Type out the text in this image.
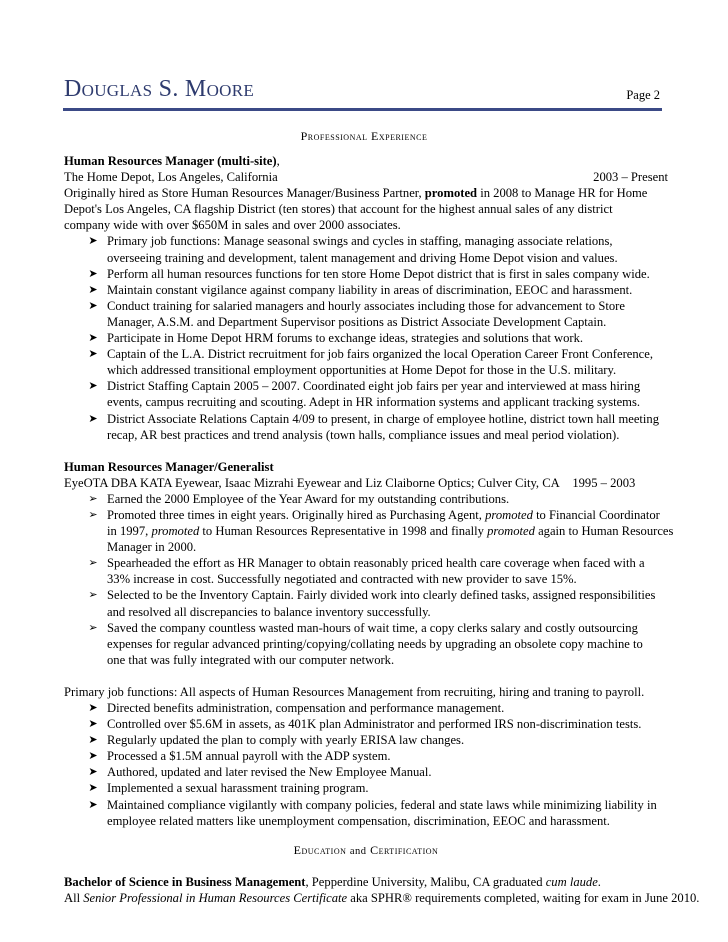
Douglas S. Moore	Page 2
Professional Experience
Human Resources Manager (multi-site),
The Home Depot, Los Angeles, California	2003 – Present
Originally hired as Store Human Resources Manager/Business Partner, promoted in 2008 to Manage HR for Home
Depot's Los Angeles, CA flagship District (ten stores) that account for the highest annual sales of any district
company wide with over $650M in sales and over 2000 associates.
➤ Primary job functions: Manage seasonal swings and cycles in staffing, managing associate relations,
overseeing training and development, talent management and driving Home Depot vision and values.
➤ Perform all human resources functions for ten store Home Depot district that is first in sales company wide.
➤ Maintain constant vigilance against company liability in areas of discrimination, EEOC and harassment.
➤ Conduct training for salaried managers and hourly associates including those for advancement to Store
Manager, A.S.M. and Department Supervisor positions as District Associate Development Captain.
➤ Participate in Home Depot HRM forums to exchange ideas, strategies and solutions that work.
➤ Captain of the L.A. District recruitment for job fairs organized the local Operation Career Front Conference,
which addressed transitional employment opportunities at Home Depot for those in the U.S. military.
➤ District Staffing Captain 2005 – 2007. Coordinated eight job fairs per year and interviewed at mass hiring
events, campus recruiting and scouting. Adept in HR information systems and applicant tracking systems.
➤ District Associate Relations Captain 4/09 to present, in charge of employee hotline, district town hall meeting
recap, AR best practices and trend analysis (town halls, compliance issues and meal period violation).
Human Resources Manager/Generalist
EyeOTA DBA KATA Eyewear, Isaac Mizrahi Eyewear and Liz Claiborne Optics; Culver City, CA 1995 – 2003
➢ Earned the 2000 Employee of the Year Award for my outstanding contributions.
➢ Promoted three times in eight years. Originally hired as Purchasing Agent, promoted to Financial Coordinator
in 1997, promoted to Human Resources Representative in 1998 and finally promoted again to Human Resources
Manager in 2000.
➢ Spearheaded the effort as HR Manager to obtain reasonably priced health care coverage when faced with a
33% increase in cost. Successfully negotiated and contracted with new provider to save 15%.
➢ Selected to be the Inventory Captain. Fairly divided work into clearly defined tasks, assigned responsibilities
and resolved all discrepancies to balance inventory successfully.
➢ Saved the company countless wasted man-hours of wait time, a copy clerks salary and costly outsourcing
expenses for regular advanced printing/copying/collating needs by upgrading an obsolete copy machine to
one that was fully integrated with our computer network.
Primary job functions: All aspects of Human Resources Management from recruiting, hiring and traning to payroll.
➤ Directed benefits administration, compensation and performance management.
➤ Controlled over $5.6M in assets, as 401K plan Administrator and performed IRS non-discrimination tests.
➤ Regularly updated the plan to comply with yearly ERISA law changes.
➤ Processed a $1.5M annual payroll with the ADP system.
➤ Authored, updated and later revised the New Employee Manual.
➤ Implemented a sexual harassment training program.
➤ Maintained compliance vigilantly with company policies, federal and state laws while minimizing liability in
employee related matters like unemployment compensation, discrimination, EEOC and harassment.
Education and Certification
Bachelor of Science in Business Management, Pepperdine University, Malibu, CA graduated cum laude.
All Senior Professional in Human Resources Certificate aka SPHR® requirements completed, waiting for exam in June 2010.
